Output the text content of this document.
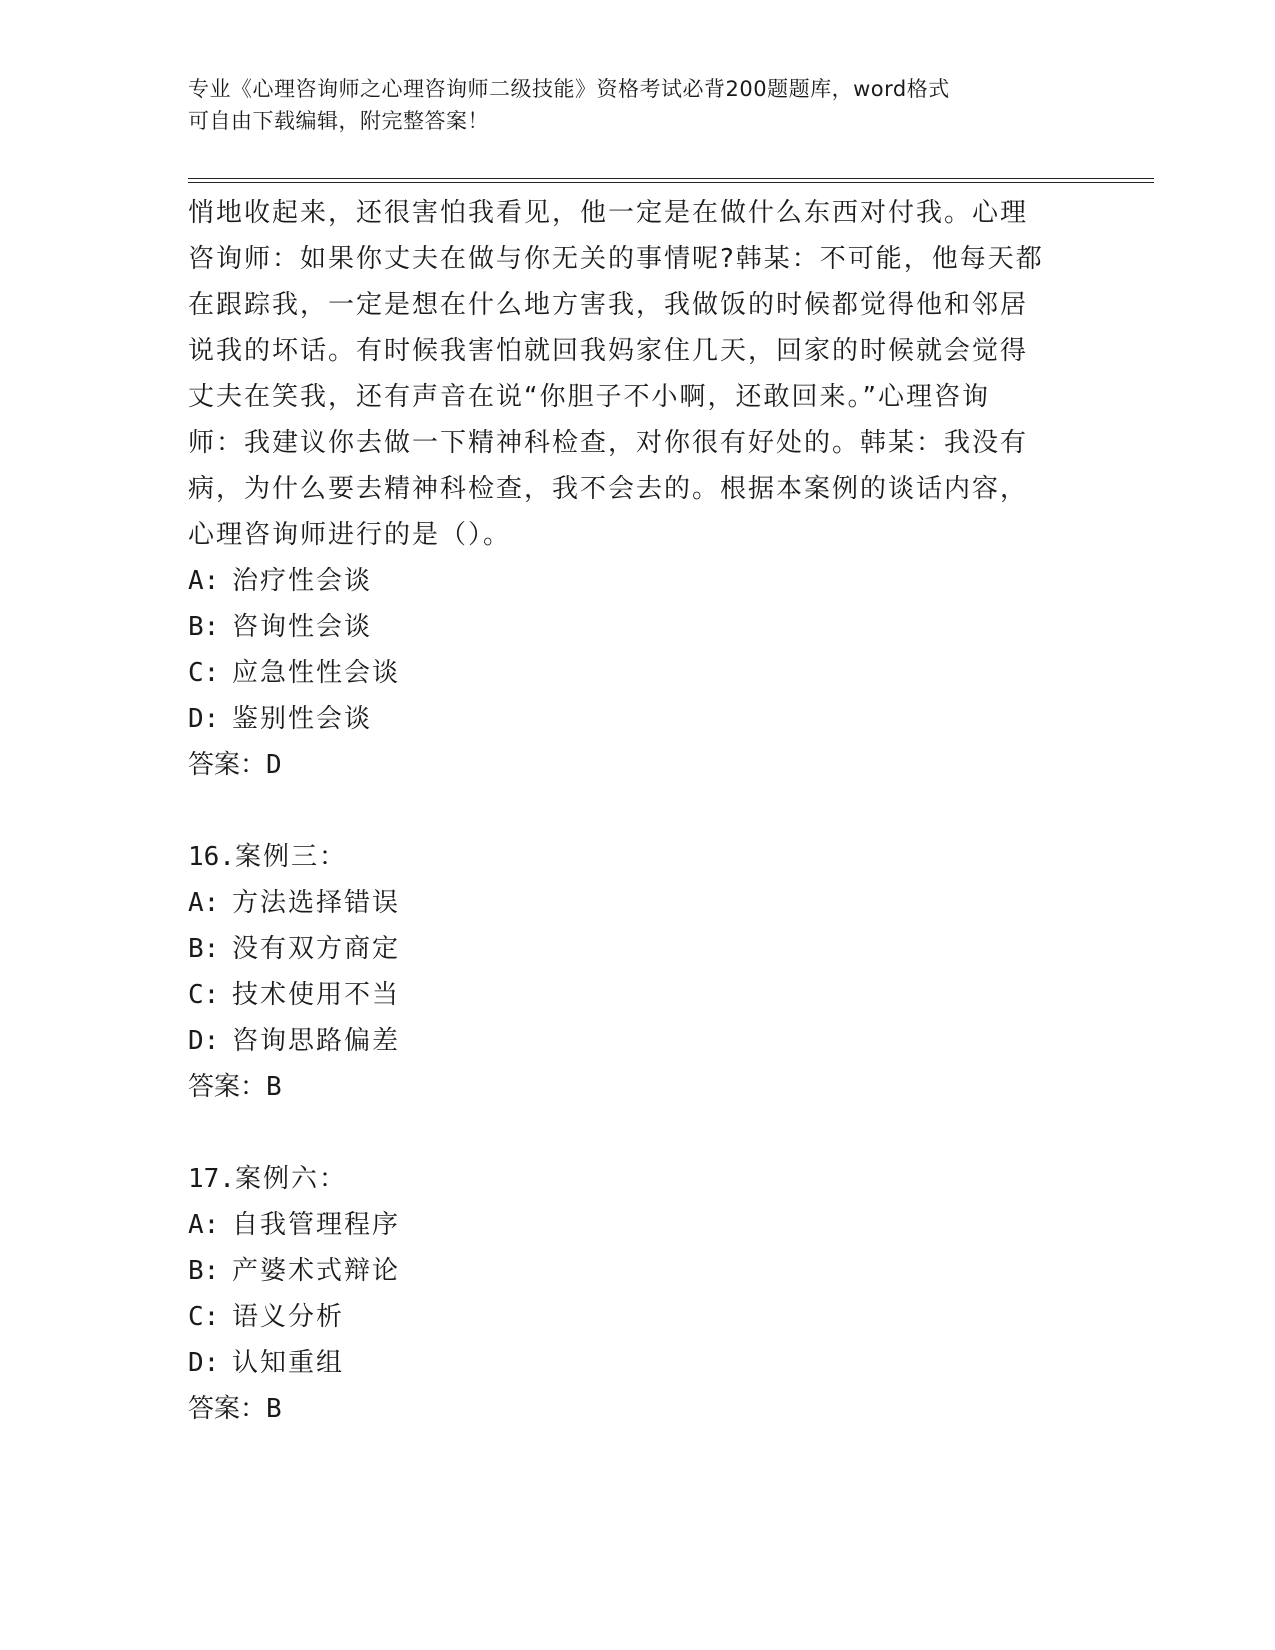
专业《心理咨询师之心理咨询师二级技能》资格考试必背200题题库，word格式
可自由下载编辑，附完整答案！
悄地收起来，还很害怕我看见，他一定是在做什么东西对付我。心理
咨询师：如果你丈夫在做与你无关的事情呢?韩某：不可能，他每天都
在跟踪我，一定是想在什么地方害我，我做饭的时候都觉得他和邻居
说我的坏话。有时候我害怕就回我妈家住几天，回家的时候就会觉得
丈夫在笑我，还有声音在说“你胆子不小啊，还敢回来。”心理咨询
师：我建议你去做一下精神科检查，对你很有好处的。韩某：我没有
病，为什么要去精神科检查，我不会去的。根据本案例的谈话内容，
心理咨询师进行的是（）。
A: 治疗性会谈
B: 咨询性会谈
C: 应急性性会谈
D: 鉴别性会谈
答案：D
16.案例三：
A: 方法选择错误
B: 没有双方商定
C: 技术使用不当
D: 咨询思路偏差
答案：B
17.案例六：
A: 自我管理程序
B: 产婆术式辩论
C: 语义分析
D: 认知重组
答案：B
